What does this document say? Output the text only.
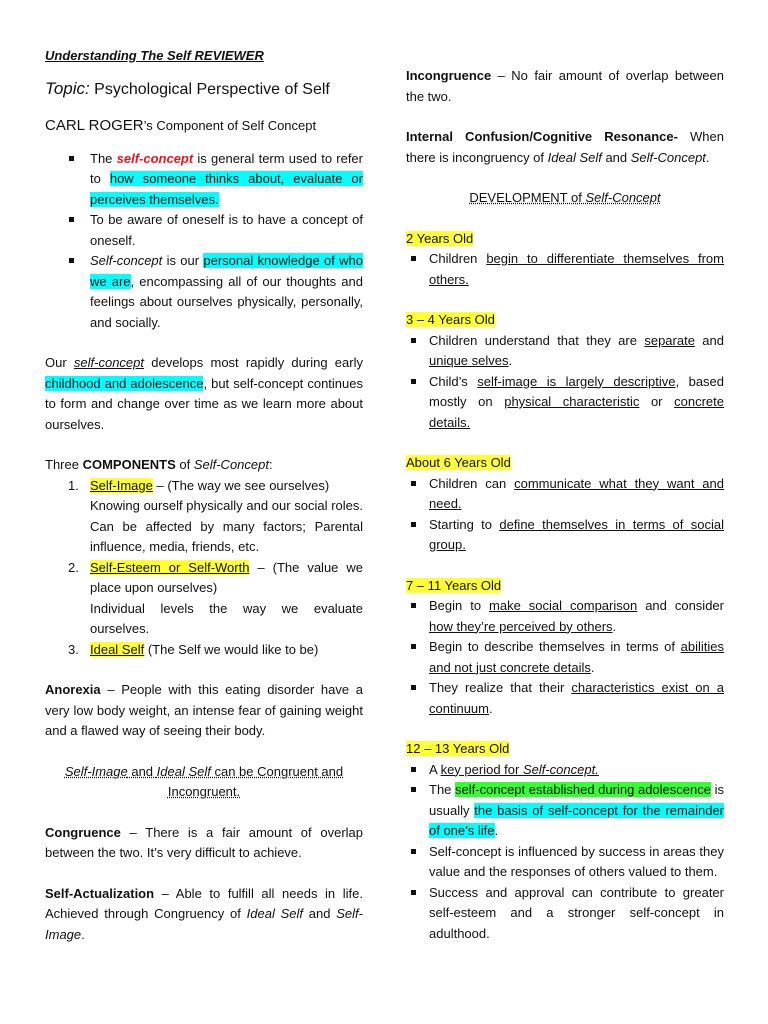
Understanding The Self REVIEWER

Topic: Psychological Perspective of Self

CARL ROGER’s Component of Self Concept

The self-concept is general term used to refer to how someone thinks about, evaluate or perceives themselves.
To be aware of oneself is to have a concept of oneself.
Self-concept is our personal knowledge of who we are, encompassing all of our thoughts and feelings about ourselves physically, personally, and socially.

Our self-concept develops most rapidly during early childhood and adolescence, but self-concept continues to form and change over time as we learn more about ourselves.

Three COMPONENTS of Self-Concept:

1. Self-Image – (The way we see ourselves)
Knowing ourself physically and our social roles. Can be affected by many factors; Parental influence, media, friends, etc.
2. Self-Esteem or Self-Worth – (The value we place upon ourselves)
Individual levels the way we evaluate ourselves.
3. Ideal Self (The Self we would like to be)

Anorexia – People with this eating disorder have a very low body weight, an intense fear of gaining weight and a flawed way of seeing their body.

Self-Image and Ideal Self can be Congruent and Incongruent.

Congruence – There is a fair amount of overlap between the two. It’s very difficult to achieve.

Self-Actualization – Able to fulfill all needs in life. Achieved through Congruency of Ideal Self and Self-Image.

Incongruence – No fair amount of overlap between the two.

Internal Confusion/Cognitive Resonance- When there is incongruency of Ideal Self and Self-Concept.

DEVELOPMENT of Self-Concept

2 Years Old

Children begin to differentiate themselves from others.

3 – 4 Years Old

Children understand that they are separate and unique selves.
Child’s self-image is largely descriptive, based mostly on physical characteristic or concrete details.

About 6 Years Old

Children can communicate what they want and need.
Starting to define themselves in terms of social group.

7 – 11 Years Old

Begin to make social comparison and consider how they’re perceived by others.
Begin to describe themselves in terms of abilities and not just concrete details.
They realize that their characteristics exist on a continuum.

12 – 13 Years Old

A key period for Self-concept.
The self-concept established during adolescence is usually the basis of self-concept for the remainder of one’s life.
Self-concept is influenced by success in areas they value and the responses of others valued to them.
Success and approval can contribute to greater self-esteem and a stronger self-concept in adulthood.
